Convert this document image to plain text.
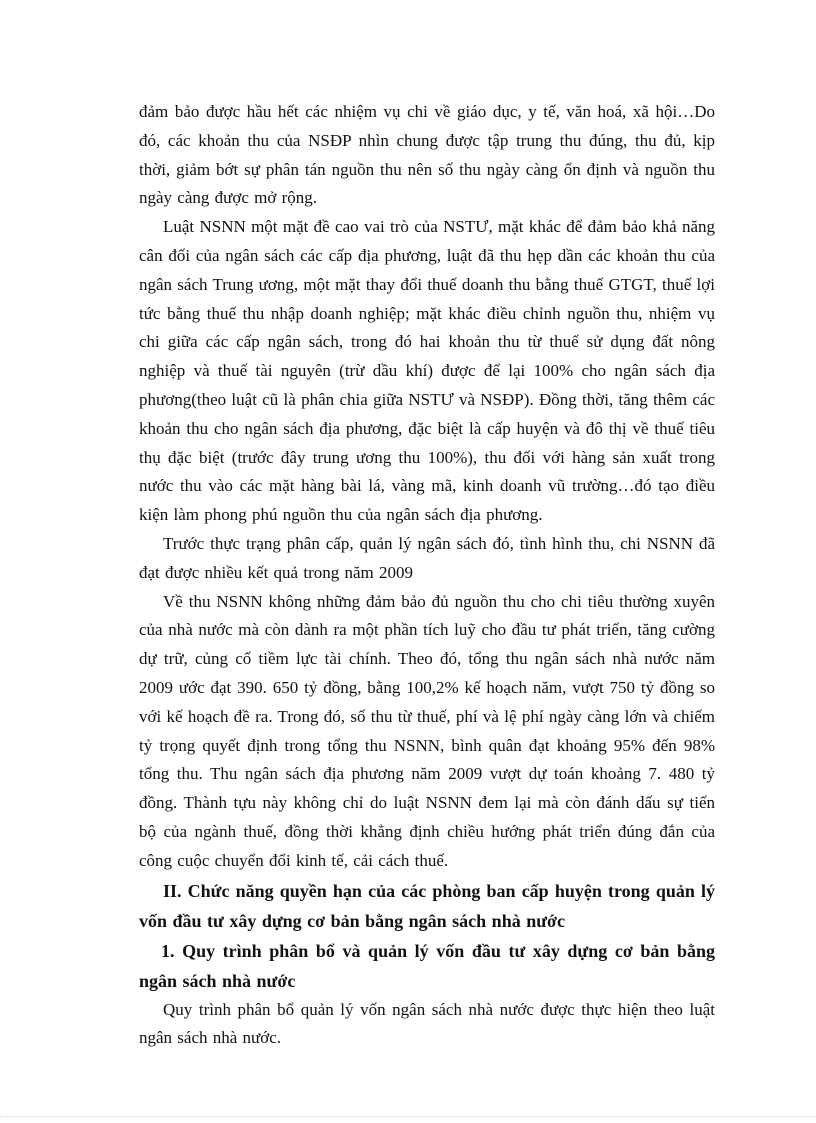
đảm bảo được hầu hết các nhiệm vụ chi về giáo dục, y tế, văn hoá, xã hội…Do đó, các khoản thu của NSĐP nhìn chung được tập trung thu đúng, thu đủ, kịp thời, giảm bớt sự phân tán nguồn thu nên số thu ngày càng ổn định và nguồn thu ngày càng được mở rộng.

Luật NSNN một mặt đề cao vai trò của NSTƯ, mặt khác để đảm bảo khả năng cân đối của ngân sách các cấp địa phương, luật đã thu hẹp dần các khoản thu của ngân sách Trung ương, một mặt thay đổi thuế doanh thu bằng thuế GTGT, thuế lợi tức bằng thuế thu nhập doanh nghiệp; mặt khác điều chỉnh nguồn thu, nhiệm vụ chi giữa các cấp ngân sách, trong đó hai khoản thu từ thuế sử dụng đất nông nghiệp và thuế tài nguyên (trừ dầu khí) được để lại 100% cho ngân sách địa phương(theo luật cũ là phân chia giữa NSTƯ và NSĐP). Đồng thời, tăng thêm các khoản thu cho ngân sách địa phương, đặc biệt là cấp huyện và đô thị về thuế tiêu thụ đặc biệt (trước đây trung ương thu 100%), thu đối với hàng sản xuất trong nước thu vào các mặt hàng bài lá, vàng mã, kinh doanh vũ trường…đó tạo điều kiện làm phong phú nguồn thu của ngân sách địa phương.

Trước thực trạng phân cấp, quản lý ngân sách đó, tình hình thu, chi NSNN đã đạt được nhiều kết quả trong năm 2009

Về thu NSNN không những đảm bảo đủ nguồn thu cho chi tiêu thường xuyên của nhà nước mà còn dành ra một phần tích luỹ cho đầu tư phát triển, tăng cường dự trữ, củng cố tiềm lực tài chính. Theo đó, tổng thu ngân sách nhà nước năm 2009 ước đạt 390. 650 tỷ đồng, bằng 100,2% kế hoạch năm, vượt 750 tỷ đồng so với kế hoạch đề ra. Trong đó, số thu từ thuế, phí và lệ phí ngày càng lớn và chiếm tỷ trọng quyết định trong tổng thu NSNN, bình quân đạt khoảng 95% đến 98% tổng thu. Thu ngân sách địa phương năm 2009 vượt dự toán khoảng 7. 480 tỷ đồng. Thành tựu này không chỉ do luật NSNN đem lại mà còn đánh dấu sự tiến bộ của ngành thuế, đồng thời khẳng định chiều hướng phát triển đúng đắn của công cuộc chuyển đổi kinh tế, cải cách thuế.

II. Chức năng quyền hạn của các phòng ban cấp huyện trong quản lý vốn đầu tư xây dựng cơ bản bằng ngân sách nhà nước

1. Quy trình phân bổ và quản lý vốn đầu tư xây dựng cơ bản bằng ngân sách nhà nước

Quy trình phân bổ quản lý vốn ngân sách nhà nước được thực hiện theo luật ngân sách nhà nước.
